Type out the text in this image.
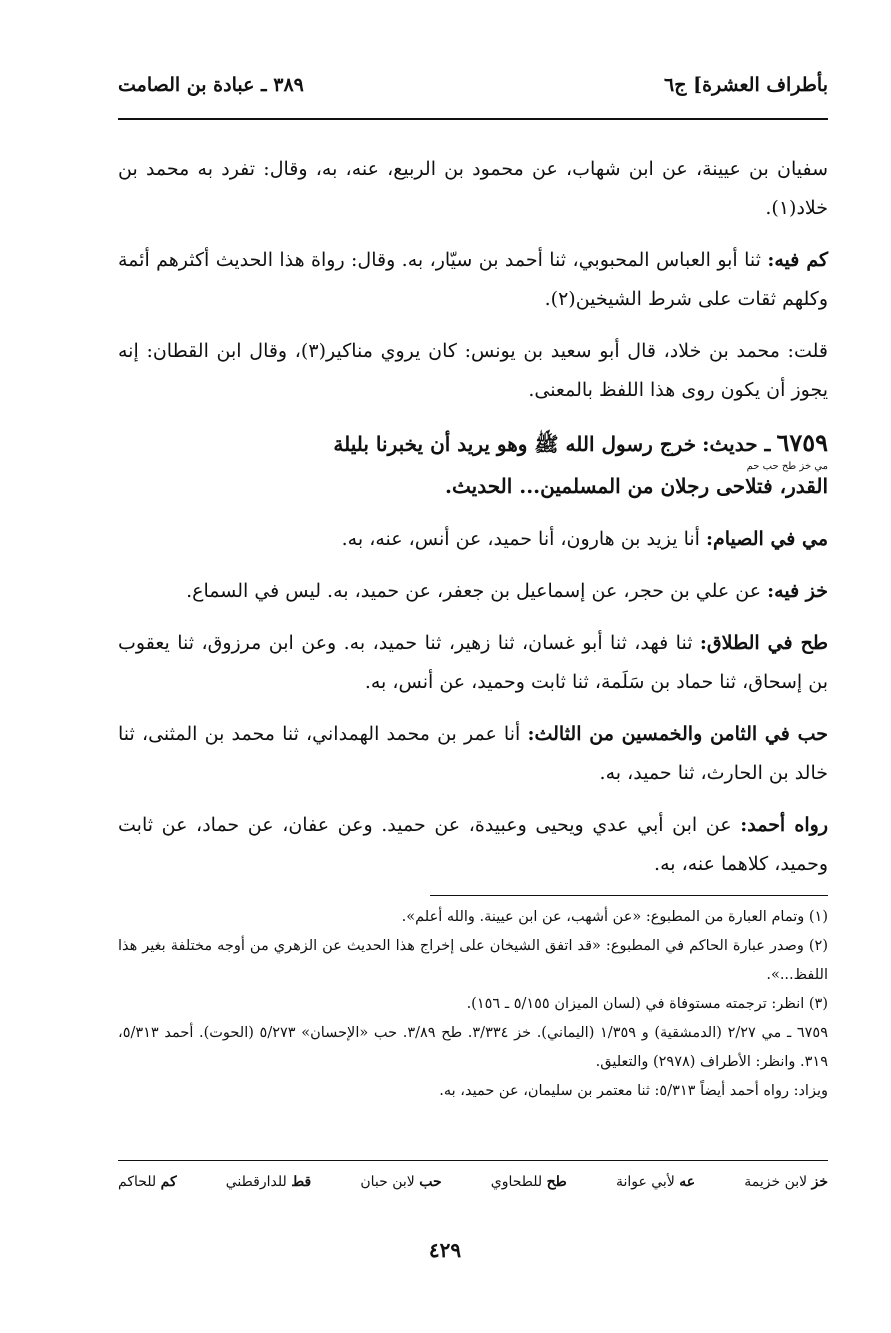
بأطراف العشرة] ج٦
٣٨٩ ـ عبادة بن الصامت

سفيان بن عيينة، عن ابن شهاب، عن محمود بن الربيع، عنه، به، وقال: تفرد به محمد بن خلاد(١).

كم فيه: ثنا أبو العباس المحبوبي، ثنا أحمد بن سيّار، به. وقال: رواة هذا الحديث أكثرهم أئمة وكلهم ثقات على شرط الشيخين(٢).

قلت: محمد بن خلاد، قال أبو سعيد بن يونس: كان يروي مناكير(٣)، وقال ابن القطان: إنه يجوز أن يكون روى هذا اللفظ بالمعنى.

٦٧٥٩ ـ حديث: خرج رسول الله ﷺ وهو يريد أن يخبرنا بليلة
مي خز طح حب حم
القدر، فتلاحى رجلان من المسلمين... الحديث.

مي في الصيام: أنا يزيد بن هارون، أنا حميد، عن أنس، عنه، به.

خز فيه: عن علي بن حجر، عن إسماعيل بن جعفر، عن حميد، به. ليس في السماع.

طح في الطلاق: ثنا فهد، ثنا أبو غسان، ثنا زهير، ثنا حميد، به. وعن ابن مرزوق، ثنا يعقوب بن إسحاق، ثنا حماد بن سَلَمة، ثنا ثابت وحميد، عن أنس، به.

حب في الثامن والخمسين من الثالث: أنا عمر بن محمد الهمداني، ثنا محمد بن المثنى، ثنا خالد بن الحارث، ثنا حميد، به.

رواه أحمد: عن ابن أبي عدي ويحيى وعبيدة، عن حميد. وعن عفان، عن حماد، عن ثابت وحميد، كلاهما عنه، به.

(١) وتمام العبارة من المطبوع: «عن أشهب، عن ابن عيينة. والله أعلم».

(٢) وصدر عبارة الحاكم في المطبوع: «قد اتفق الشيخان على إخراج هذا الحديث عن الزهري من أوجه مختلفة بغير هذا اللفظ...».

(٣) انظر: ترجمته مستوفاة في (لسان الميزان ٥/١٥٥ ـ ١٥٦).

٦٧٥٩ ـ مي ٢/٢٧ (الدمشقية) و ١/٣٥٩ (اليماني). خز ٣/٣٣٤. طح ٣/٨٩. حب «الإحسان» ٥/٢٧٣ (الحوت). أحمد ٥/٣١٣، ٣١٩. وانظر: الأطراف (٢٩٧٨) والتعليق.

ويزاد: رواه أحمد أيضاً ٥/٣١٣: ثنا معتمر بن سليمان، عن حميد، به.

خز لابن خزيمة
عه لأبي عوانة
طح للطحاوي
حب لابن حبان
قط للدارقطني
كم للحاكم
٤٢٩
